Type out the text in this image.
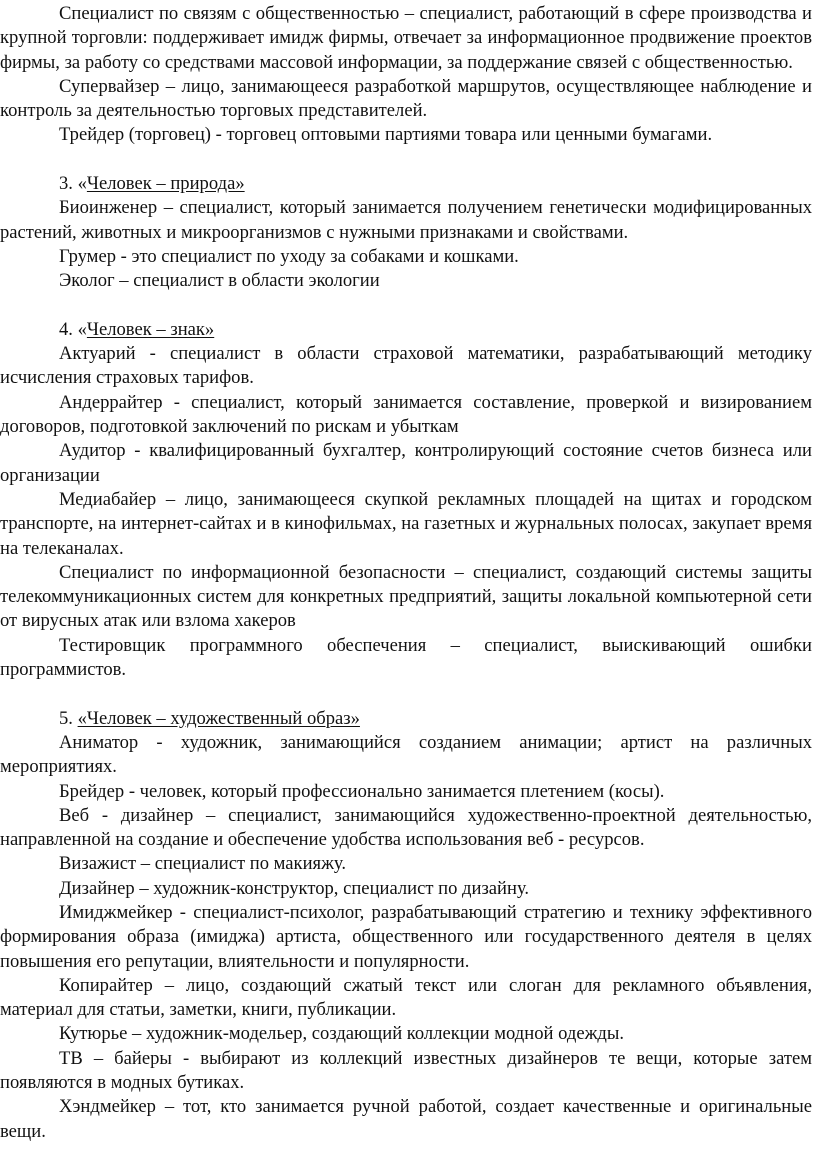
Специалист по связям с общественностью – специалист, работающий в сфере производства и крупной торговли: поддерживает имидж фирмы, отвечает за информационное продвижение проектов фирмы, за работу со средствами массовой информации, за поддержание связей с общественностью.

Супервайзер – лицо, занимающееся разработкой маршрутов, осуществляющее наблюдение и контроль за деятельностью торговых представителей.

Трейдер (торговец) - торговец оптовыми партиями товара или ценными бумагами.

3. «Человек – природа»

Биоинженер – специалист, который занимается получением генетически модифицированных растений, животных и микроорганизмов с нужными признаками и свойствами.

Грумер - это специалист по уходу за собаками и кошками.

Эколог – специалист в области экологии

4. «Человек – знак»

Актуарий - специалист в области страховой математики, разрабатывающий методику исчисления страховых тарифов.

Андеррайтер - специалист, который занимается составление, проверкой и визированием договоров, подготовкой заключений по рискам и убыткам

Аудитор - квалифицированный бухгалтер, контролирующий состояние счетов бизнеса или организации

Медиабайер – лицо, занимающееся скупкой рекламных площадей на щитах и городском транспорте, на интернет-сайтах и в кинофильмах, на газетных и журнальных полосах, закупает время на телеканалах.

Специалист по информационной безопасности – специалист, создающий системы защиты телекоммуникационных систем для конкретных предприятий, защиты локальной компьютерной сети от вирусных атак или взлома хакеров

Тестировщик программного обеспечения – специалист, выискивающий ошибки программистов.

5. «Человек – художественный образ»

Аниматор - художник, занимающийся созданием анимации; артист на различных мероприятиях.

Брейдер - человек, который профессионально занимается плетением (косы).

Веб - дизайнер – специалист, занимающийся художественно-проектной деятельностью, направленной на создание и обеспечение удобства использования веб - ресурсов.

Визажист – специалист по макияжу.

Дизайнер – художник-конструктор, специалист по дизайну.

Имиджмейкер - специалист-психолог, разрабатывающий стратегию и технику эффективного формирования образа (имиджа) артиста, общественного или государственного деятеля в целях повышения его репутации, влиятельности и популярности.

Копирайтер – лицо, создающий сжатый текст или слоган для рекламного объявления, материал для статьи, заметки, книги, публикации.

Кутюрье – художник-модельер, создающий коллекции модной одежды.

ТВ – байеры - выбирают из коллекций известных дизайнеров те вещи, которые затем появляются в модных бутиках.

Хэндмейкер – тот, кто занимается ручной работой, создает качественные и оригинальные вещи.
